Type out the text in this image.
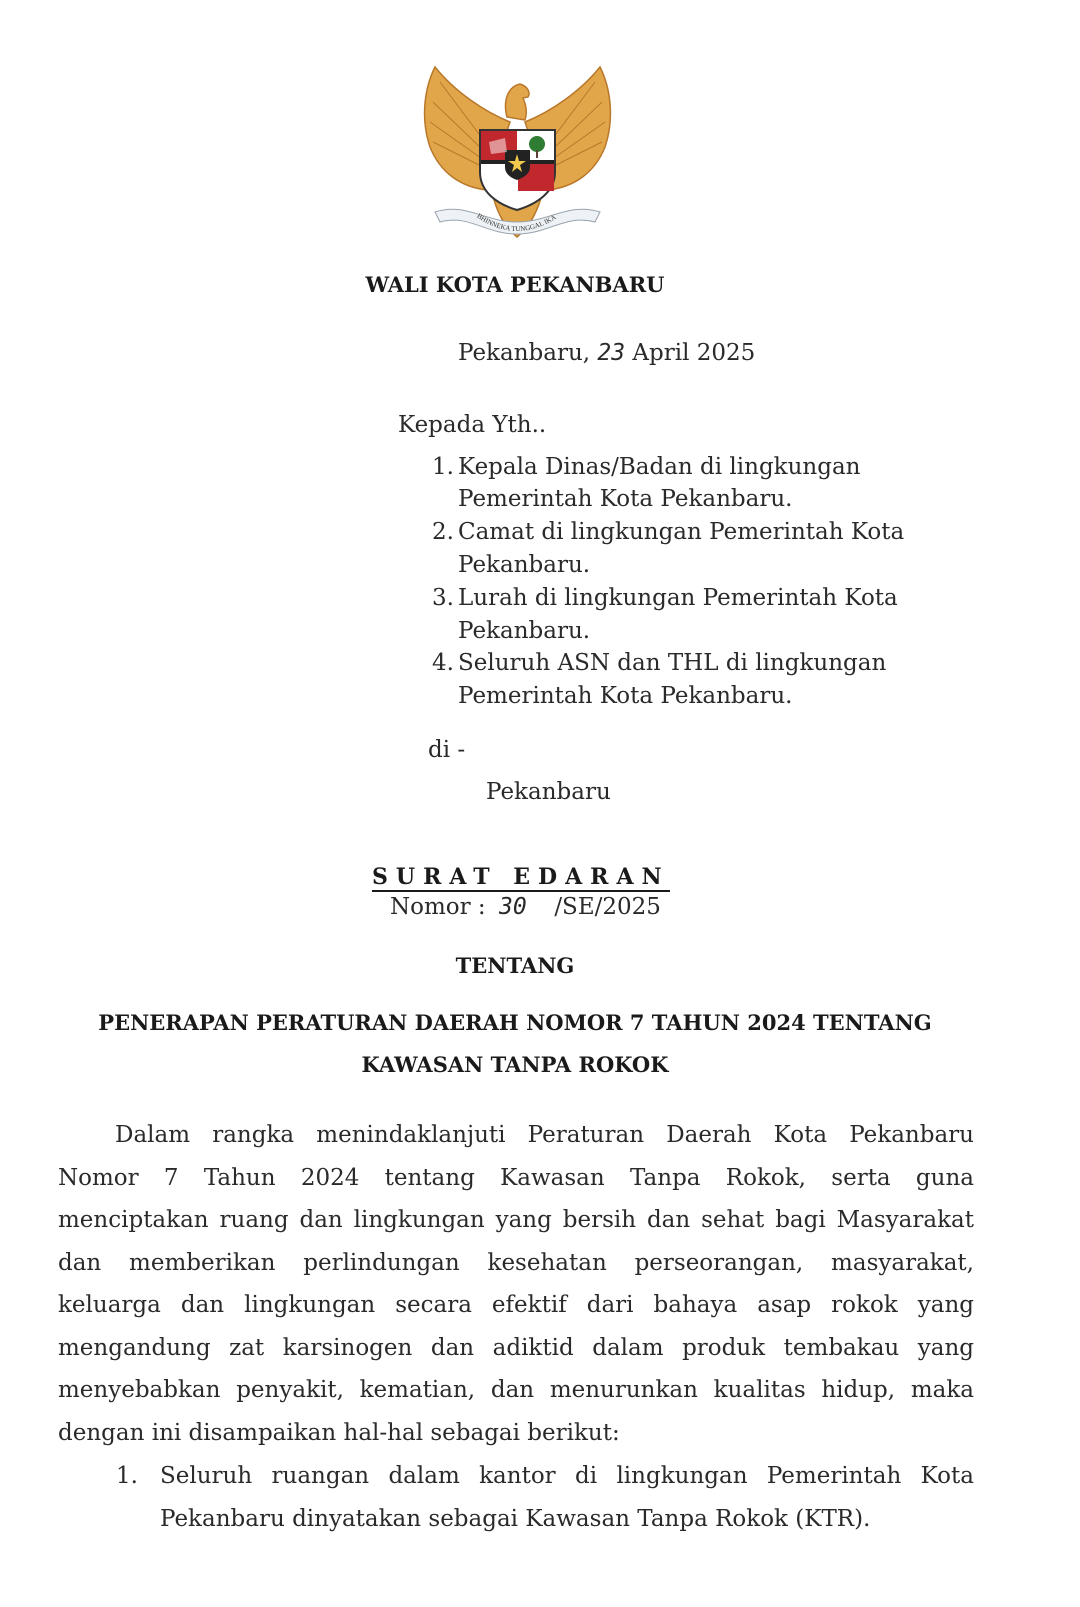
BHINNEKA TUNGGAL IKA
WALI KOTA PEKANBARU
Pekanbaru, 23 April 2025
Kepada Yth..
1. Kepala Dinas/Badan di lingkungan
Pemerintah Kota Pekanbaru.
2. Camat di lingkungan Pemerintah Kota
Pekanbaru.
3. Lurah di lingkungan Pemerintah Kota
Pekanbaru.
4. Seluruh ASN dan THL di lingkungan
Pemerintah Kota Pekanbaru.
di -
Pekanbaru
SURAT EDARAN
Nomor : 30 /SE/2025
TENTANG
PENERAPAN PERATURAN DAERAH NOMOR 7 TAHUN 2024 TENTANG
KAWASAN TANPA ROKOK
Dalam rangka menindaklanjuti Peraturan Daerah Kota Pekanbaru
Nomor 7 Tahun 2024 tentang Kawasan Tanpa Rokok, serta guna
menciptakan ruang dan lingkungan yang bersih dan sehat bagi Masyarakat
dan memberikan perlindungan kesehatan perseorangan, masyarakat,
keluarga dan lingkungan secara efektif dari bahaya asap rokok yang
mengandung zat karsinogen dan adiktid dalam produk tembakau yang
menyebabkan penyakit, kematian, dan menurunkan kualitas hidup, maka
dengan ini disampaikan hal-hal sebagai berikut:
1. Seluruh ruangan dalam kantor di lingkungan Pemerintah Kota
Pekanbaru dinyatakan sebagai Kawasan Tanpa Rokok (KTR).
